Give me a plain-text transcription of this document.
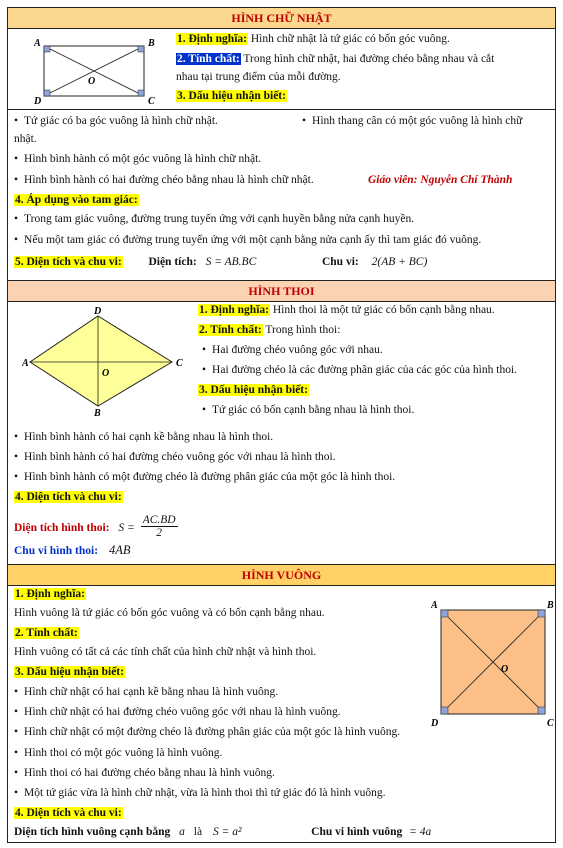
HÌNH CHỮ NHẬT
A	B
C
D
O
1. Định nghĩa: Hình chữ nhật là tứ giác có bốn góc vuông.
2. Tính chất: Trong hình chữ nhật, hai đường chéo bằng nhau và cắt
nhau tại trung điểm của mỗi đường.
3. Dấu hiệu nhận biết:
• Tứ giác có ba góc vuông là hình chữ nhật.
•	Hình thang cân có một góc vuông là hình chữ
nhật.
• Hình bình hành có một góc vuông là hình chữ nhật.
• Hình bình hành có hai đường chéo bằng nhau là hình chữ nhật.	Giáo viên: Nguyễn Chí Thành
4. Áp dụng vào tam giác:
• Trong tam giác vuông, đường trung tuyến ứng với cạnh huyền bằng nửa cạnh huyền.
• Nếu một tam giác có đường trung tuyến ứng với một cạnh bằng nửa cạnh ấy thì tam giác đó vuông.
5. Diện tích và chu vi: Diện tích: S = AB.BC	Chu vi: 2(AB + BC)
HÌNH THOI
A
D
C
B
O
1. Định nghĩa: Hình thoi là một tứ giác có bốn cạnh bằng nhau.
2. Tính chất: Trong hình thoi:
• Hai đường chéo vuông góc với nhau.
• Hai đường chéo là các đường phân giác của các góc của hình thoi.
3. Dấu hiệu nhận biết:
• Tứ giác có bốn cạnh bằng nhau là hình thoi.
• Hình bình hành có hai cạnh kề bằng nhau là hình thoi.
• Hình bình hành có hai đường chéo vuông góc với nhau là hình thoi.
• Hình bình hành có một đường chéo là đường phân giác của một góc là hình thoi.
4. Diện tích và chu vi:
Diện tích hình thoi: $S = \frac{AC.BD}{2}$
Chu vi hình thoi: 4AB
HÌNH VUÔNG
A	B
C
D
O
1. Định nghĩa:
Hình vuông là tứ giác có bốn góc vuông và có bốn cạnh bằng nhau.
2. Tính chất:
Hình vuông có tất cả các tính chất của hình chữ nhật và hình thoi.
3. Dấu hiệu nhận biết:
• Hình chữ nhật có hai cạnh kề bằng nhau là hình vuông.
• Hình chữ nhật có hai đường chéo vuông góc với nhau là hình vuông.
• Hình chữ nhật có một đường chéo là đường phân giác của một góc là hình vuông.
• Hình thoi có một góc vuông là hình vuông.
• Hình thoi có hai đường chéo bằng nhau là hình vuông.
• Một tứ giác vừa là hình chữ nhật, vừa là hình thoi thì tứ giác đó là hình vuông.
4. Diện tích và chu vi:
Diện tích hình vuông cạnh bằng a là S = a²	Chu vi hình vuông = 4a
